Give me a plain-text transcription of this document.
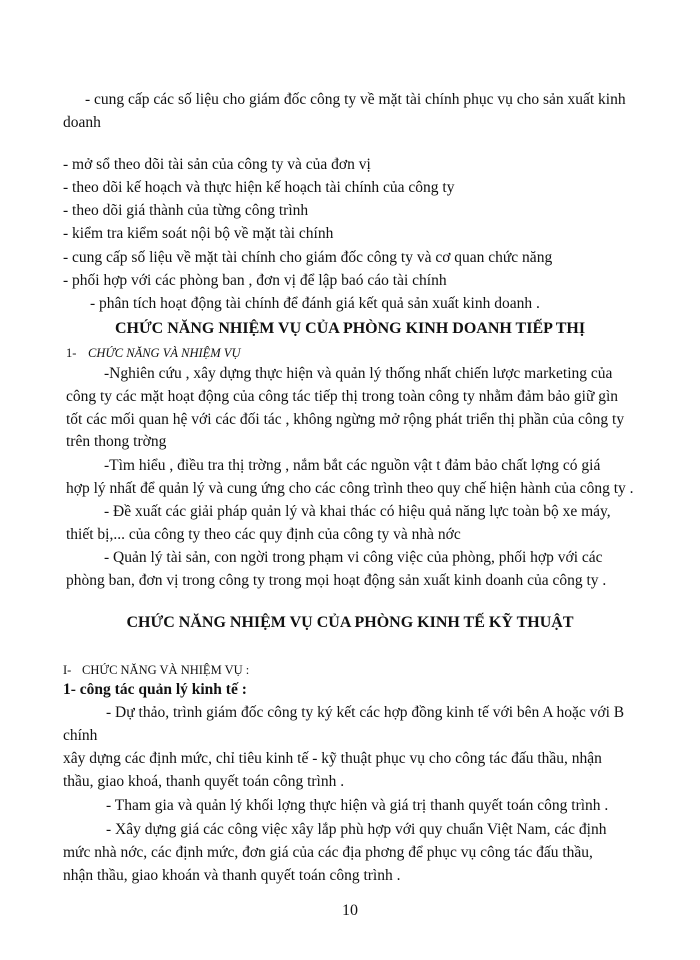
- cung cấp các số liệu cho giám đốc công ty về mặt tài chính phục vụ cho sản xuất kinh
doanh
- mở sổ theo dõi tài sản của công ty và của đơn vị
- theo dõi kế hoạch và thực hiện kế hoạch tài chính của công ty
- theo dõi giá thành của từng công trình
- kiểm tra kiểm soát nội bộ về mặt tài chính
- cung cấp số liệu về mặt tài chính cho giám đốc công ty và cơ quan chức năng
- phối hợp với các phòng ban , đơn vị để lập baó cáo tài chính
- phân tích hoạt động tài chính để đánh giá kết quả sản xuất kinh doanh .
CHỨC NĂNG NHIỆM VỤ CỦA PHÒNG KINH DOANH TIẾP THỊ
1- CHỨC NĂNG VÀ NHIỆM VỤ
-Nghiên cứu , xây dựng thực hiện và quản lý thống nhất chiến lược marketing của
công ty các mặt hoạt động của công tác tiếp thị trong toàn công ty nhằm đảm bảo giữ gìn
tốt các mối quan hệ với các đối tác , không ngừng mở rộng phát triển thị phần của công ty
trên thong trờng
-Tìm hiểu , điều tra thị trờng , nắm bắt các nguồn vật t đảm bảo chất lợng có giá
hợp lý nhất để quản lý và cung ứng cho các công trình theo quy chế hiện hành của công ty .
- Đề xuất các giải pháp quản lý và khai thác có hiệu quả năng lực toàn bộ xe máy,
thiết bị,... của công ty theo các quy định của công ty và nhà nớc
- Quản lý tài sản, con ngời trong phạm vi công việc của phòng, phối hợp với các
phòng ban, đơn vị trong công ty trong mọi hoạt động sản xuất kinh doanh của công ty .
CHỨC NĂNG NHIỆM VỤ CỦA PHÒNG KINH TẾ KỸ THUẬT
I- CHỨC NĂNG VÀ NHIỆM VỤ :
1- công tác quản lý kinh tế :
- Dự thảo, trình giám đốc công ty ký kết các hợp đồng kinh tế với bên A hoặc với B
chính
xây dựng các định mức, chỉ tiêu kinh tế - kỹ thuật phục vụ cho công tác đấu thầu, nhận
thầu, giao khoá, thanh quyết toán công trình .
- Tham gia và quản lý khối lợng thực hiện và giá trị thanh quyết toán công trình .
- Xây dựng giá các công việc xây lắp phù hợp với quy chuẩn Việt Nam, các định
mức nhà nớc, các định mức, đơn giá của các địa phơng để phục vụ công tác đấu thầu,
nhận thầu, giao khoán và thanh quyết toán công trình .
10
